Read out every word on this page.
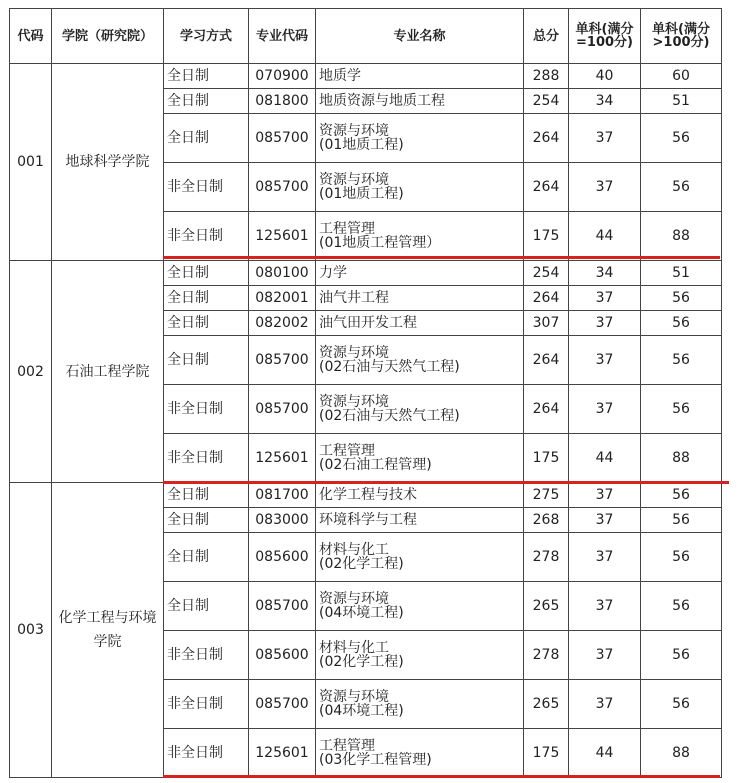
代码	学院（研究院）	学习方式	专业代码	专业名称	总分	单科(满分=100分)	单科(满分>100分)
001	地球科学学院	全日制	070900	地质学	288	40	60
		全日制	081800	地质资源与地质工程	254	34	51
		全日制	085700	资源与环境
(01地质工程)	264	37	56
		非全日制	085700	资源与环境
(01地质工程)	264	37	56
		非全日制	125601	工程管理
(01地质工程管理）	175	44	88
002	石油工程学院	全日制	080100	力学	254	34	51
		全日制	082001	油气井工程	264	37	56
		全日制	082002	油气田开发工程	307	37	56
		全日制	085700	资源与环境
(02石油与天然气工程)	264	37	56
		非全日制	085700	资源与环境
(02石油与天然气工程)	264	37	56
		非全日制	125601	工程管理
(02石油工程管理)	175	44	88
003	化学工程与环境学院	全日制	081700	化学工程与技术	275	37	56
		全日制	083000	环境科学与工程	268	37	56
		全日制	085600	材料与化工
(02化学工程)	278	37	56
		全日制	085700	资源与环境
(04环境工程)	265	37	56
		非全日制	085600	材料与化工
(02化学工程)	278	37	56
		非全日制	085700	资源与环境
(04环境工程)	265	37	56
		非全日制	125601	工程管理
(03化学工程管理)	175	44	88
